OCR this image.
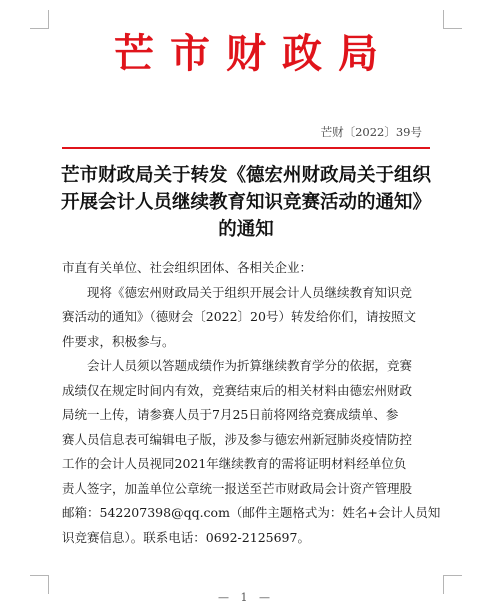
芒市财政局
芒财〔2022〕39号
芒市财政局关于转发《德宏州财政局关于组织
开展会计人员继续教育知识竞赛活动的通知》
的通知

市直有关单位、社会组织团体、各相关企业：

现将《德宏州财政局关于组织开展会计人员继续教育知识竞
赛活动的通知》（德财会〔2022〕20号）转发给你们，请按照文
件要求，积极参与。

会计人员须以答题成绩作为折算继续教育学分的依据，竞赛
成绩仅在规定时间内有效，竞赛结束后的相关材料由德宏州财政
局统一上传，请参赛人员于7月25日前将网络竞赛成绩单、参
赛人员信息表可编辑电子版，涉及参与德宏州新冠肺炎疫情防控
工作的会计人员视同2021年继续教育的需将证明材料经单位负
责人签字，加盖单位公章统一报送至芒市财政局会计资产管理股
邮箱：542207398@qq.com（邮件主题格式为：姓名+会计人员知
识竞赛信息）。联系电话：0692-2125697。

— 1 —
